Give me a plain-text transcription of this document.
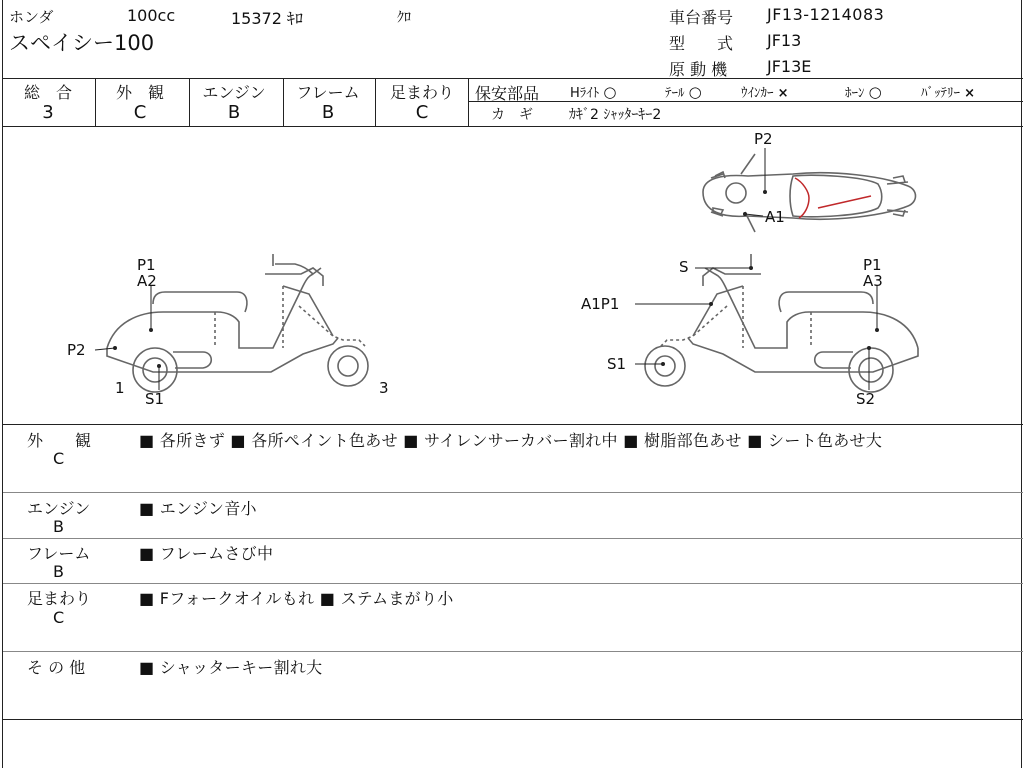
ホンダ	100cc	15372 ｷﾛ	ｸﾛ
スペイシー100
車台番号 JF13-1214083
型　　式 JF13
原 動 機 JF13E
総　合	外　観	エンジン	フレーム	足まわり
3	C	B	B	C
保安部品 Hﾗｲﾄ ○	ﾃｰﾙ ○	ｳｲﾝｶｰ ×	ﾎｰﾝ ○	ﾊﾞｯﾃﾘｰ ×
カ　ギ	ｶｷﾞ2 ｼｬｯﾀｰｷｰ2
P2
A1
P1
A2
P2
1
S1
3
S	P1
A3
A1P1
S1
S2
外　　観
C
■ 各所きず ■ 各所ペイント色あせ ■ サイレンサーカバー割れ中 ■ 樹脂部色あせ ■ シート色あせ大
エンジン
B
■ エンジン音小
フレーム
B
■ フレームさび中
足まわり
C
■ Fフォークオイルもれ ■ ステムまがり小
そ の 他	■ シャッターキー割れ大
